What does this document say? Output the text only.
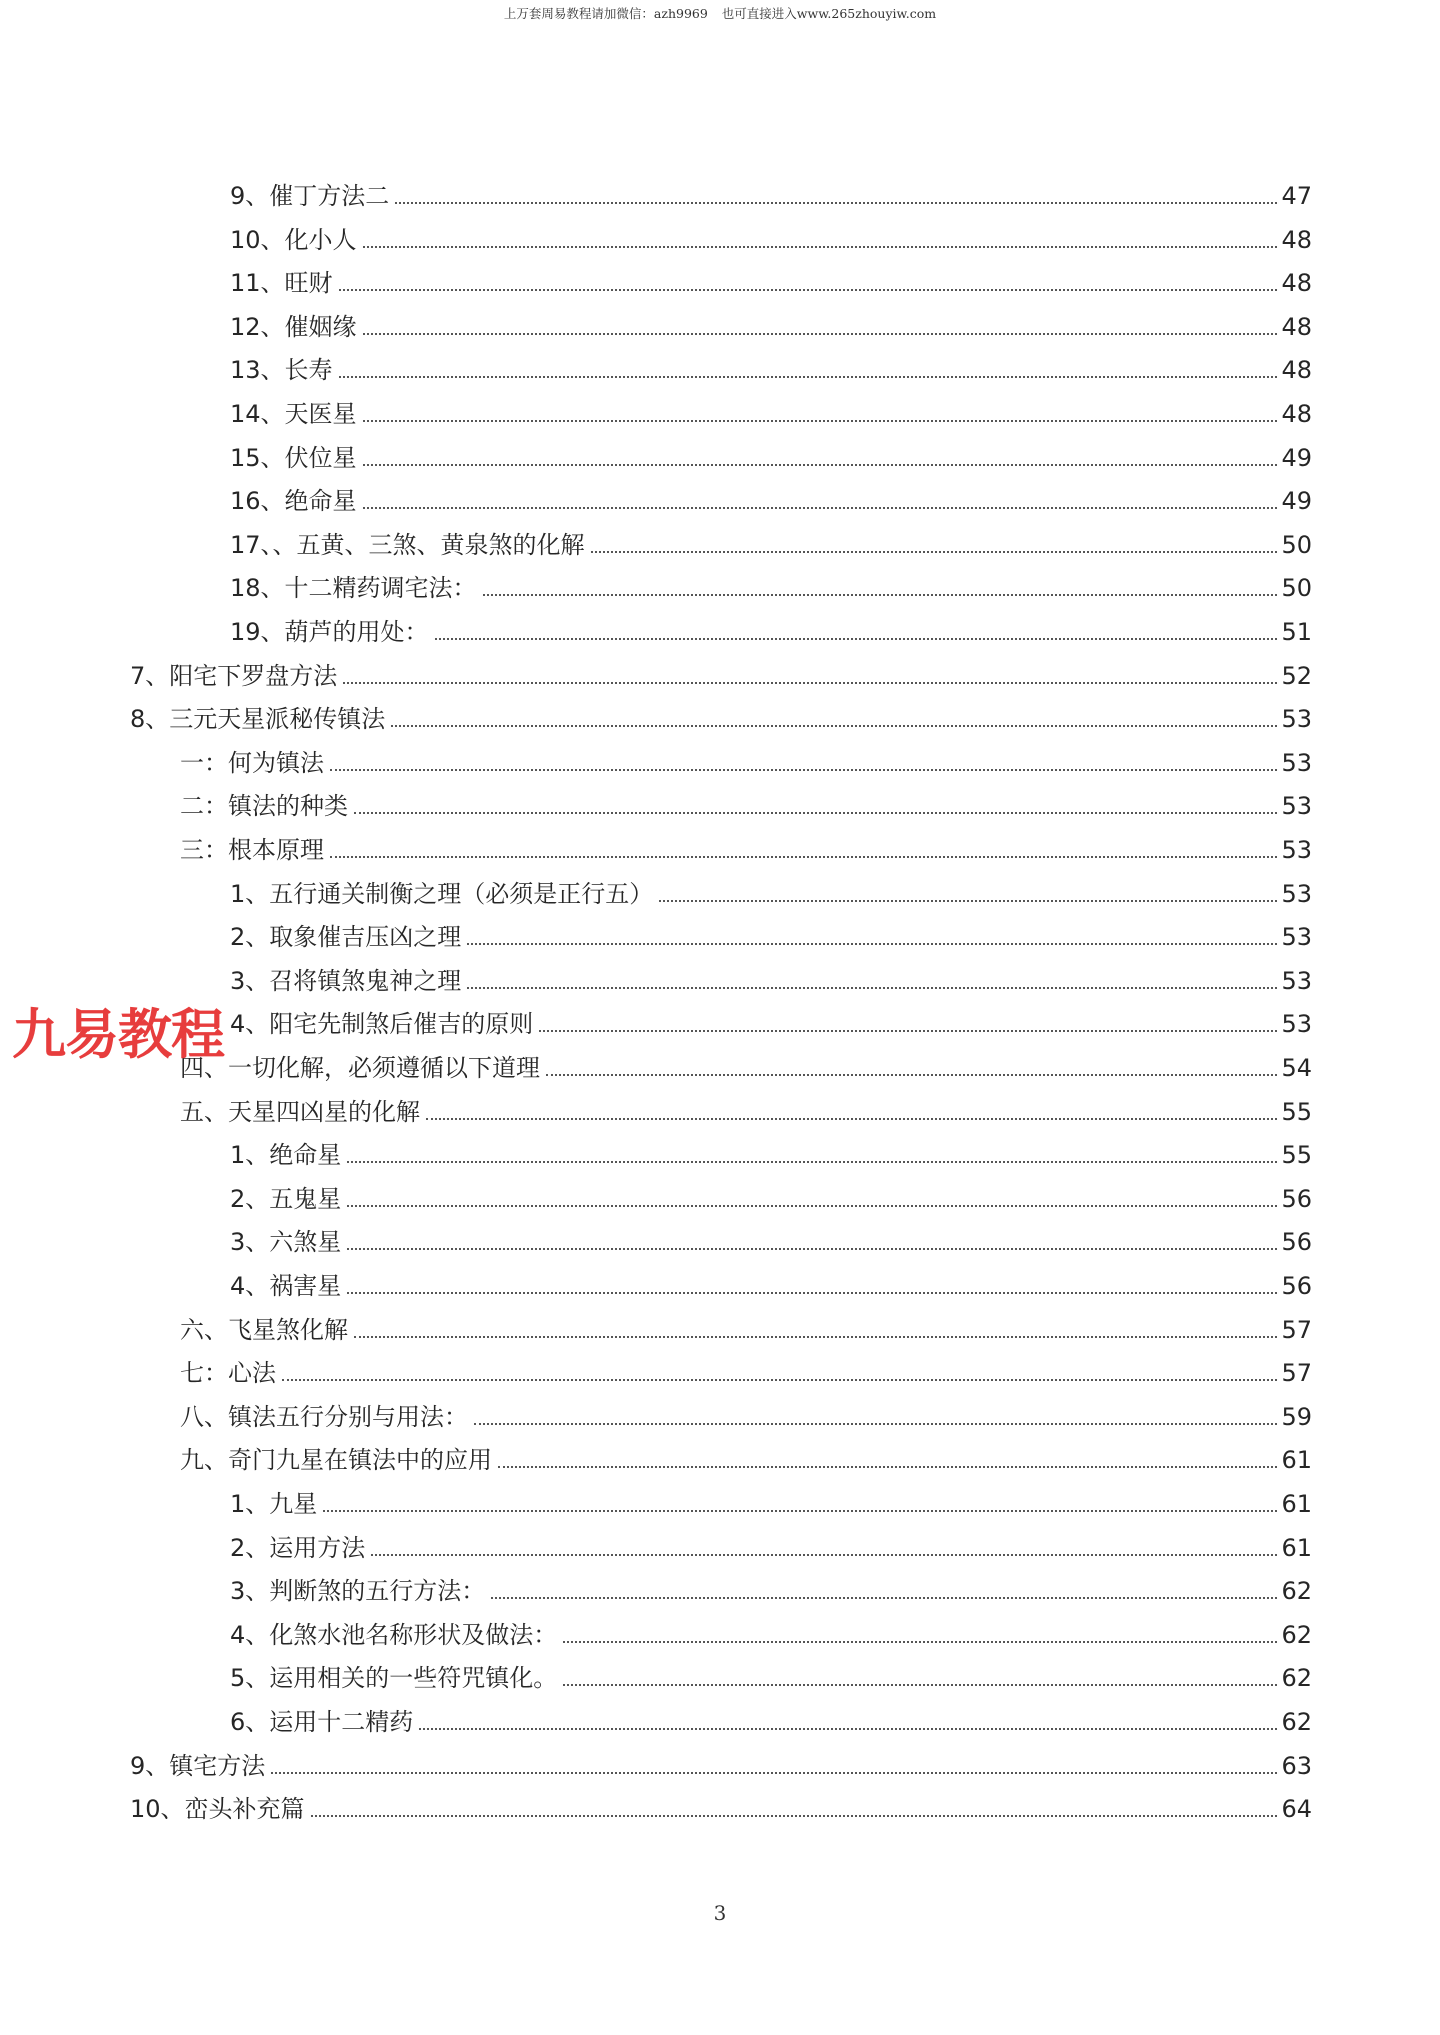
上万套周易教程请加微信：azh9969 也可直接进入www.265zhouyiw.com
9、催丁方法二	47
10、化小人	48
11、旺财	48
12、催姻缘	48
13、长寿	48
14、天医星	48
15、伏位星	49
16、绝命星	49
17、、五黄、三煞、黄泉煞的化解	50
18、十二精药调宅法：	50
19、葫芦的用处：	51
7、阳宅下罗盘方法	52
8、三元天星派秘传镇法	53
一：何为镇法	53
二：镇法的种类	53
三：根本原理	53
1、五行通关制衡之理（必须是正行五）	53
2、取象催吉压凶之理	53
3、召将镇煞鬼神之理	53
4、阳宅先制煞后催吉的原则	53
四、一切化解，必须遵循以下道理	54
五、天星四凶星的化解	55
1、绝命星	55
2、五鬼星	56
3、六煞星	56
4、祸害星	56
六、飞星煞化解	57
七：心法	57
八、镇法五行分别与用法：	59
九、奇门九星在镇法中的应用	61
1、九星	61
2、运用方法	61
3、判断煞的五行方法：	62
4、化煞水池名称形状及做法：	62
5、运用相关的一些符咒镇化。	62
6、运用十二精药	62
9、镇宅方法	63
10、峦头补充篇	64
九易教程
3
